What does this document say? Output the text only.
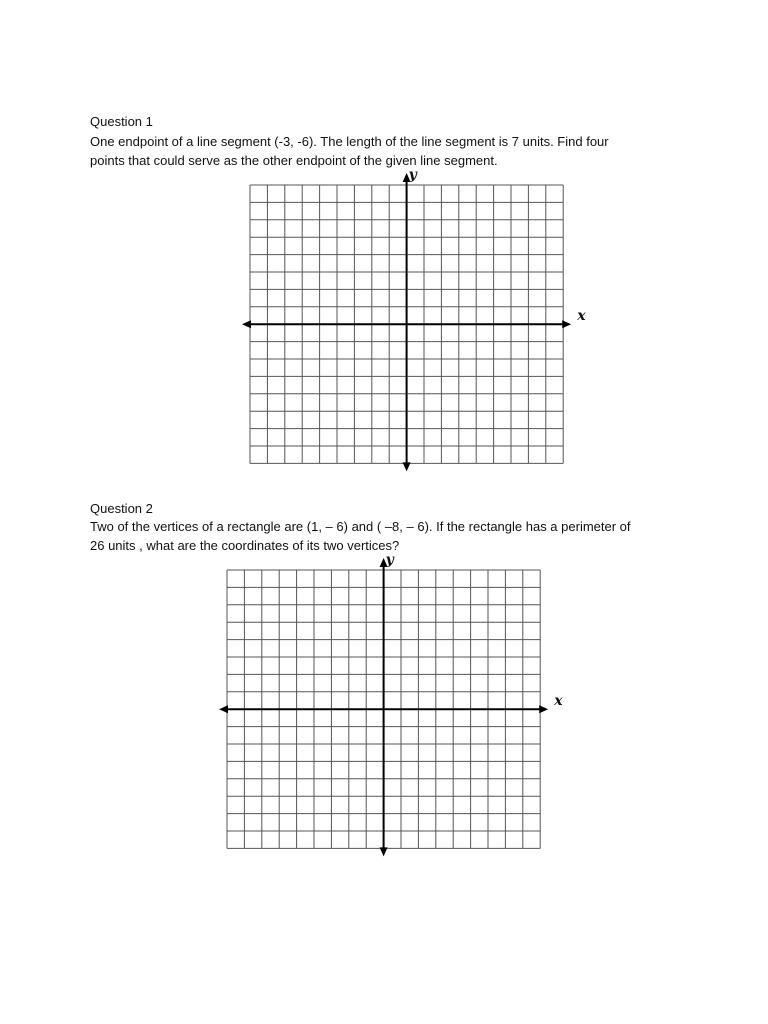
Question 1
One endpoint of a line segment (-3, -6). The length of the line segment is 7 units. Find four
points that could serve as the other endpoint of the given line segment.
x
y
Question 2
Two of the vertices of a rectangle are (1, – 6) and ( –8, – 6). If the rectangle has a perimeter of
26 units , what are the coordinates of its two vertices?
x
y
